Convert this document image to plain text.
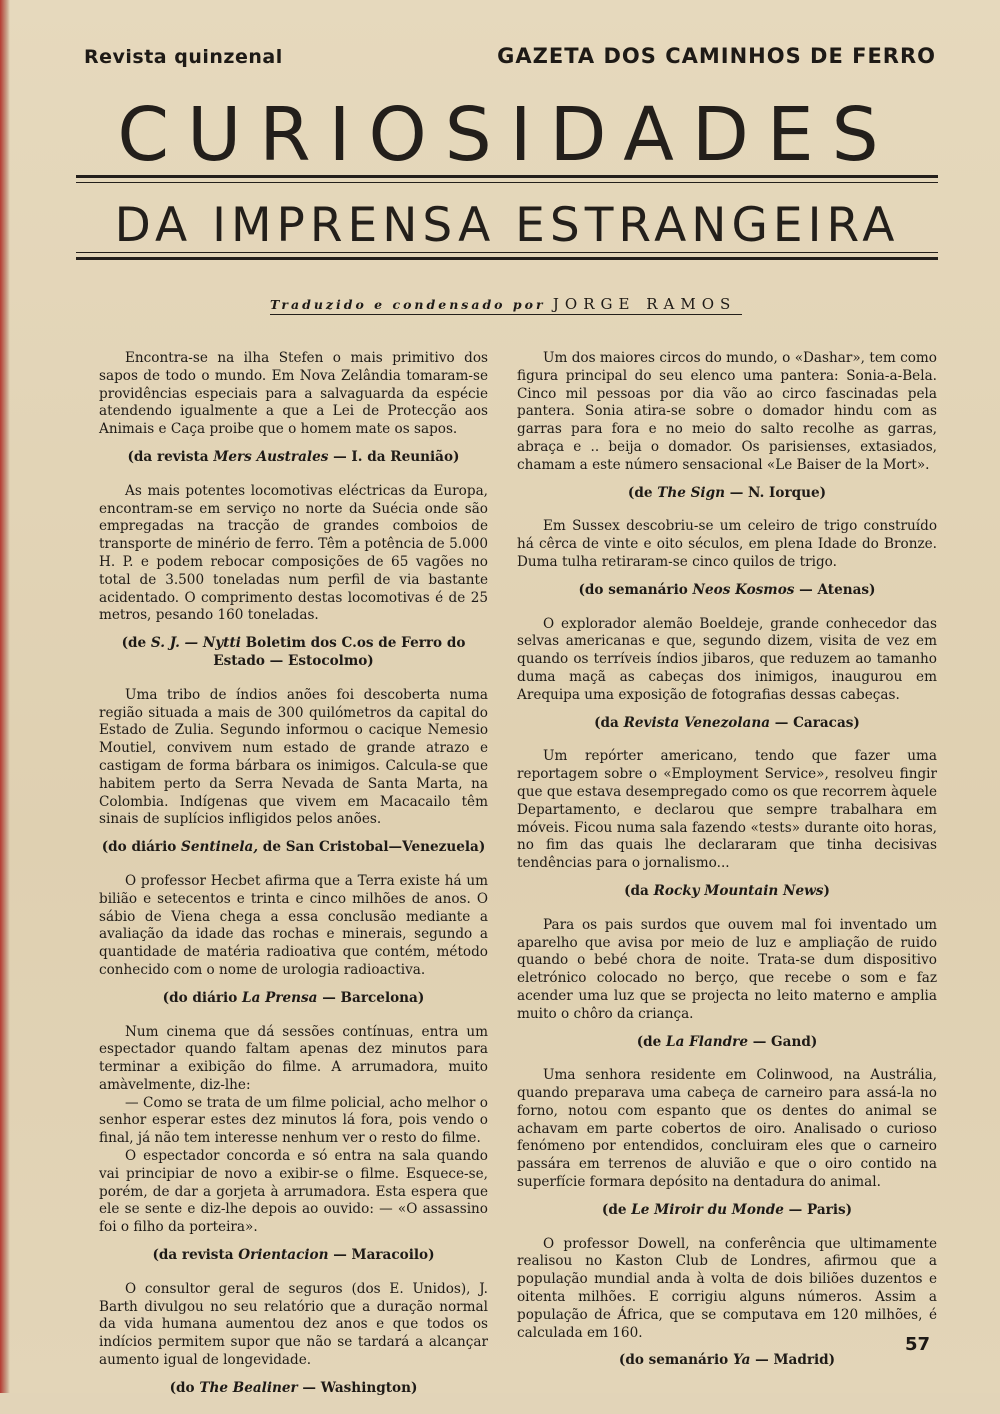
Revista quinzenal	GAZETA DOS CAMINHOS DE FERRO
CURIOSIDADES
DA IMPRENSA ESTRANGEIRA
Traduzido e condensado por JORGE RAMOS

Encontra-se na ilha Stefen o mais primitivo dos sapos de todo o mundo. Em Nova Zelândia tomaram-se providências especiais para a salvaguarda da espécie atendendo igualmente a que a Lei de Protecção aos Animais e Caça proibe que o homem mate os sapos.

(da revista Mers Australes — I. da Reunião)

As mais potentes locomotivas eléctricas da Europa, encontram-se em serviço no norte da Suécia onde são empregadas na tracção de grandes comboios de transporte de minério de ferro. Têm a potência de 5.000 H. P. e podem rebocar composições de 65 vagões no total de 3.500 toneladas num perfil de via bastante acidentado. O comprimento destas locomotivas é de 25 metros, pesando 160 toneladas.

(de S. J. — Nytti Boletim dos C.os de Ferro do Estado — Estocolmo)

Uma tribo de índios anões foi descoberta numa região situada a mais de 300 quilómetros da capital do Estado de Zulia. Segundo informou o cacique Nemesio Moutiel, convivem num estado de grande atrazo e castigam de forma bárbara os inimigos. Calcula-se que habitem perto da Serra Nevada de Santa Marta, na Colombia. Indígenas que vivem em Macacailo têm sinais de suplícios infligidos pelos anões.

(do diário Sentinela, de San Cristobal—Venezuela)

O professor Hecbet afirma que a Terra existe há um bilião e setecentos e trinta e cinco milhões de anos. O sábio de Viena chega a essa conclusão mediante a avaliação da idade das rochas e minerais, segundo a quantidade de matéria radioativa que contém, método conhecido com o nome de urologia radioactiva.

(do diário La Prensa — Barcelona)

Num cinema que dá sessões contínuas, entra um espectador quando faltam apenas dez minutos para terminar a exibição do filme. A arrumadora, muito amàvelmente, diz-lhe:

— Como se trata de um filme policial, acho melhor o senhor esperar estes dez minutos lá fora, pois vendo o final, já não tem interesse nenhum ver o resto do filme.

O espectador concorda e só entra na sala quando vai principiar de novo a exibir-se o filme. Esquece-se, porém, de dar a gorjeta à arrumadora. Esta espera que ele se sente e diz-lhe depois ao ouvido: — «O assassino foi o filho da porteira».

(da revista Orientacion — Maracoilo)

O consultor geral de seguros (dos E. Unidos), J. Barth divulgou no seu relatório que a duração normal da vida humana aumentou dez anos e que todos os indícios permitem supor que não se tardará a alcançar aumento igual de longevidade.

(do The Bealiner — Washington)

Um dos maiores circos do mundo, o «Dashar», tem como figura principal do seu elenco uma pantera: Sonia-a-Bela. Cinco mil pessoas por dia vão ao circo fascinadas pela pantera. Sonia atira-se sobre o domador hindu com as garras para fora e no meio do salto recolhe as garras, abraça e .. beija o domador. Os parisienses, extasiados, chamam a este número sensacional «Le Baiser de la Mort».

(de The Sign — N. Iorque)

Em Sussex descobriu-se um celeiro de trigo construído há cêrca de vinte e oito séculos, em plena Idade do Bronze. Duma tulha retiraram-se cinco quilos de trigo.

(do semanário Neos Kosmos — Atenas)

O explorador alemão Boeldeje, grande conhecedor das selvas americanas e que, segundo dizem, visita de vez em quando os terríveis índios jibaros, que reduzem ao tamanho duma maçã as cabeças dos inimigos, inaugurou em Arequipa uma exposição de fotografias dessas cabeças.

(da Revista Venezolana — Caracas)

Um repórter americano, tendo que fazer uma reportagem sobre o «Employment Service», resolveu fingir que que estava desempregado como os que recorrem àquele Departamento, e declarou que sempre trabalhara em móveis. Ficou numa sala fazendo «tests» durante oito horas, no fim das quais lhe declararam que tinha decisivas tendências para o jornalismo...

(da Rocky Mountain News)

Para os pais surdos que ouvem mal foi inventado um aparelho que avisa por meio de luz e ampliação de ruido quando o bebé chora de noite. Trata-se dum dispositivo eletrónico colocado no berço, que recebe o som e faz acender uma luz que se projecta no leito materno e amplia muito o chôro da criança.

(de La Flandre — Gand)

Uma senhora residente em Colinwood, na Austrália, quando preparava uma cabeça de carneiro para assá-la no forno, notou com espanto que os dentes do animal se achavam em parte cobertos de oiro. Analisado o curioso fenómeno por entendidos, concluiram eles que o carneiro passára em terrenos de aluvião e que o oiro contido na superfície formara depósito na dentadura do animal.

(de Le Miroir du Monde — Paris)

O professor Dowell, na conferência que ultimamente realisou no Kaston Club de Londres, afirmou que a população mundial anda à volta de dois biliões duzentos e oitenta milhões. E corrigiu alguns números. Assim a população de África, que se computava em 120 milhões, é calculada em 160.

(do semanário Ya — Madrid)
57
